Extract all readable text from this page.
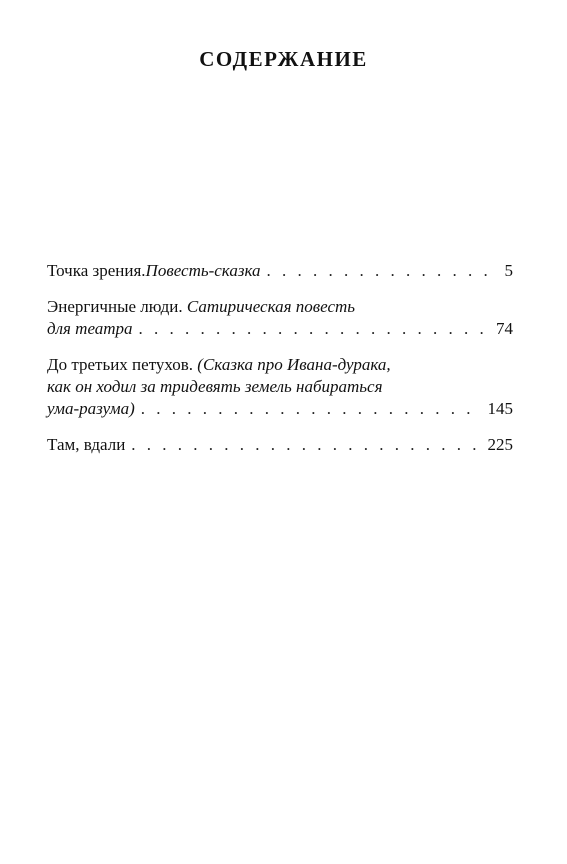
СОДЕРЖАНИЕ
Точка зрения. Повесть-сказка . . .	5
Энергичные люди. Сатирическая повесть
для театра . . .	74
До третьих петухов. (Сказка про Ивана-дурака,
как он ходил за тридевять земель набираться
ума-разума) . . .	145
Там, вдали . . .	225
